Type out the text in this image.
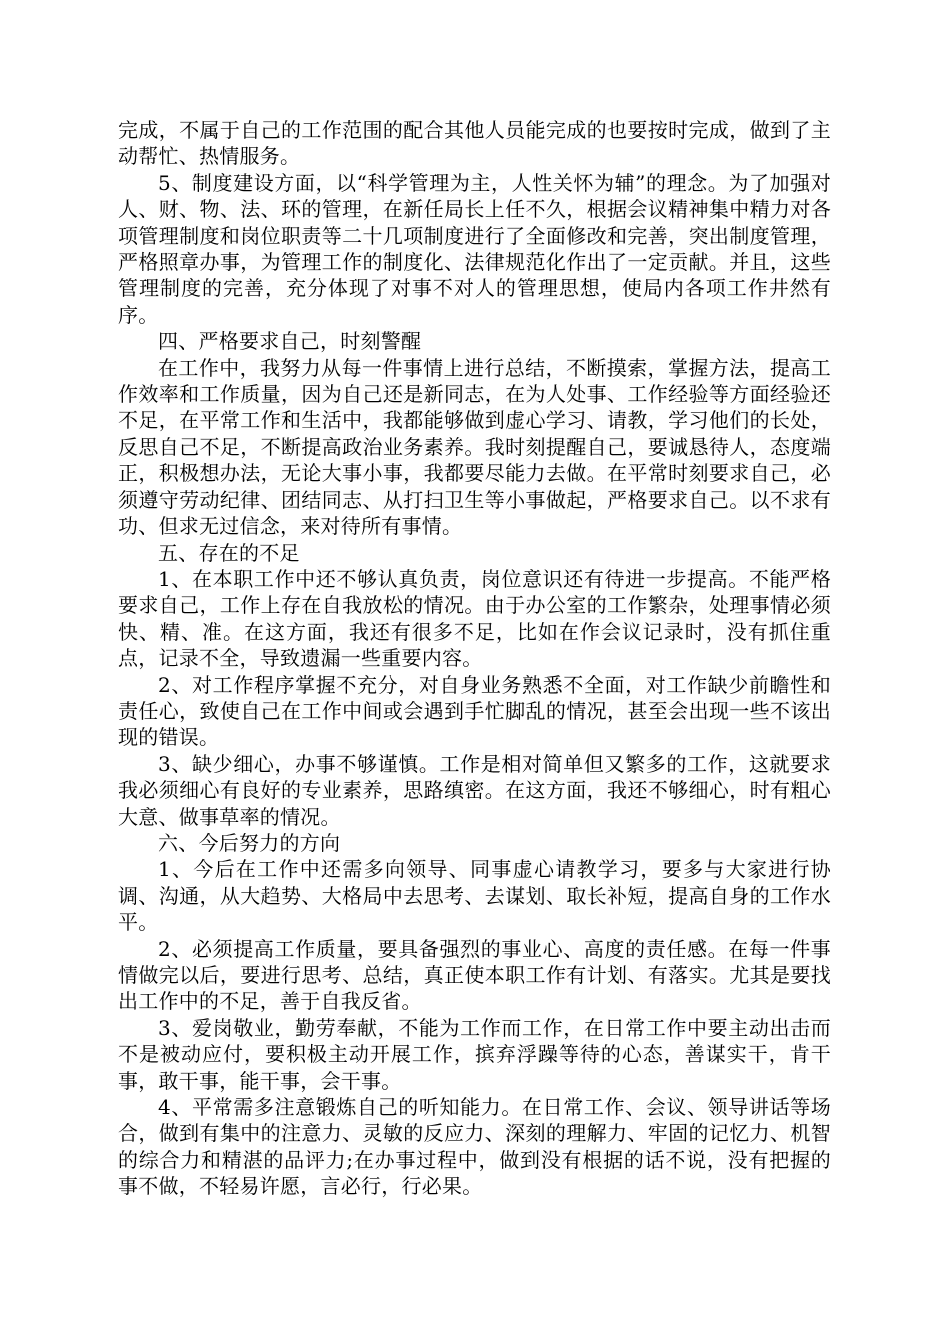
完成，不属于自己的工作范围的配合其他人员能完成的也要按时完成，做到了主动帮忙、热情服务。

5、制度建设方面，以“科学管理为主，人性关怀为辅”的理念。为了加强对人、财、物、法、环的管理，在新任局长上任不久，根据会议精神集中精力对各项管理制度和岗位职责等二十几项制度进行了全面修改和完善，突出制度管理，严格照章办事，为管理工作的制度化、法律规范化作出了一定贡献。并且，这些管理制度的完善，充分体现了对事不对人的管理思想，使局内各项工作井然有序。

四、严格要求自己，时刻警醒

在工作中，我努力从每一件事情上进行总结，不断摸索，掌握方法，提高工作效率和工作质量，因为自己还是新同志，在为人处事、工作经验等方面经验还不足，在平常工作和生活中，我都能够做到虚心学习、请教，学习他们的长处，反思自己不足，不断提高政治业务素养。我时刻提醒自己，要诚恳待人，态度端正，积极想办法，无论大事小事，我都要尽能力去做。在平常时刻要求自己，必须遵守劳动纪律、团结同志、从打扫卫生等小事做起，严格要求自己。以不求有功、但求无过信念，来对待所有事情。

五、存在的不足

1、在本职工作中还不够认真负责，岗位意识还有待进一步提高。不能严格要求自己，工作上存在自我放松的情况。由于办公室的工作繁杂，处理事情必须快、精、准。在这方面，我还有很多不足，比如在作会议记录时，没有抓住重点，记录不全，导致遗漏一些重要内容。

2、对工作程序掌握不充分，对自身业务熟悉不全面，对工作缺少前瞻性和责任心，致使自己在工作中间或会遇到手忙脚乱的情况，甚至会出现一些不该出现的错误。

3、缺少细心，办事不够谨慎。工作是相对简单但又繁多的工作，这就要求我必须细心有良好的专业素养，思路缜密。在这方面，我还不够细心，时有粗心大意、做事草率的情况。

六、今后努力的方向

1、今后在工作中还需多向领导、同事虚心请教学习，要多与大家进行协调、沟通，从大趋势、大格局中去思考、去谋划、取长补短，提高自身的工作水平。

2、必须提高工作质量，要具备强烈的事业心、高度的责任感。在每一件事情做完以后，要进行思考、总结，真正使本职工作有计划、有落实。尤其是要找出工作中的不足，善于自我反省。

3、爱岗敬业，勤劳奉献，不能为工作而工作，在日常工作中要主动出击而不是被动应付，要积极主动开展工作，摈弃浮躁等待的心态，善谋实干，肯干事，敢干事，能干事，会干事。

4、平常需多注意锻炼自己的听知能力。在日常工作、会议、领导讲话等场合，做到有集中的注意力、灵敏的反应力、深刻的理解力、牢固的记忆力、机智的综合力和精湛的品评力;在办事过程中，做到没有根据的话不说，没有把握的事不做，不轻易许愿，言必行，行必果。
